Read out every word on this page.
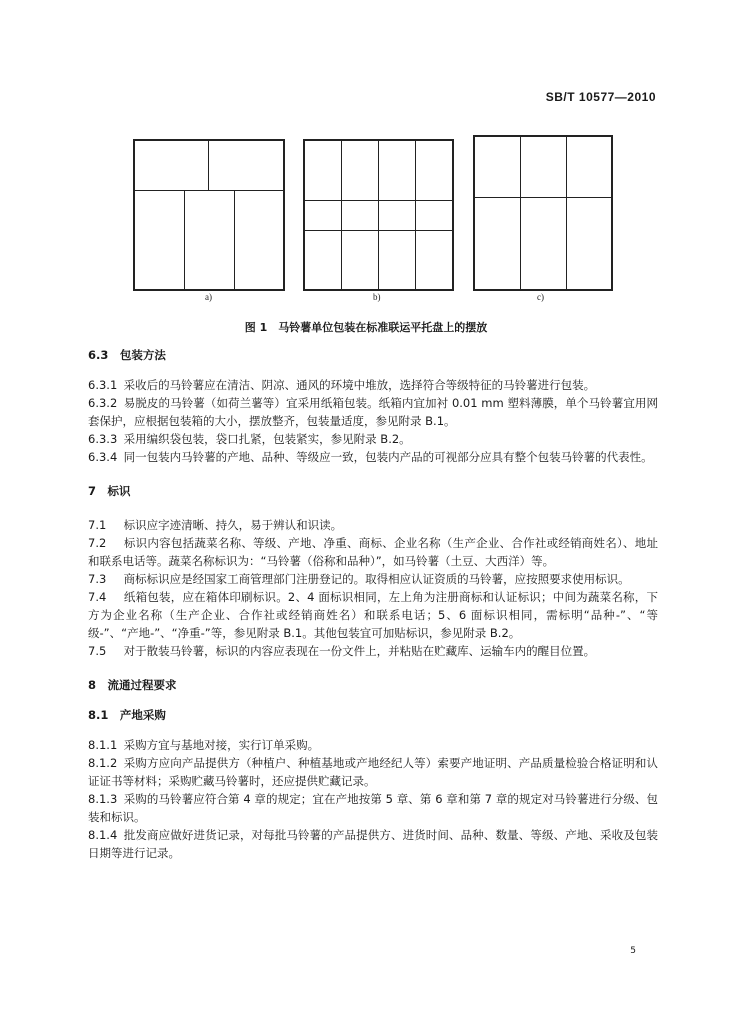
SB/T 10577—2010
a)	b)	c)
图 1　马铃薯单位包装在标准联运平托盘上的摆放

6.3　包装方法

6.3.1 采收后的马铃薯应在清洁、阴凉、通风的环境中堆放，选择符合等级特征的马铃薯进行包装。

6.3.2 易脱皮的马铃薯（如荷兰薯等）宜采用纸箱包装。纸箱内宜加衬 0.01 mm 塑料薄膜，单个马铃薯宜用网套保护，应根据包装箱的大小，摆放整齐，包装量适度，参见附录 B.1。

6.3.3 采用编织袋包装，袋口扎紧，包装紧实，参见附录 B.2。

6.3.4 同一包装内马铃薯的产地、品种、等级应一致，包装内产品的可视部分应具有整个包装马铃薯的代表性。

7　标识

7.1 标识应字迹清晰、持久，易于辨认和识读。

7.2 标识内容包括蔬菜名称、等级、产地、净重、商标、企业名称（生产企业、合作社或经销商姓名）、地址和联系电话等。蔬菜名称标识为：“马铃薯（俗称和品种）”，如马铃薯（土豆、大西洋）等。

7.3 商标标识应是经国家工商管理部门注册登记的。取得相应认证资质的马铃薯，应按照要求使用标识。

7.4 纸箱包装，应在箱体印刷标识。2、4 面标识相同，左上角为注册商标和认证标识；中间为蔬菜名称，下方为企业名称（生产企业、合作社或经销商姓名）和联系电话；5、6 面标识相同，需标明“品种-”、“等级-”、“产地-”、“净重-”等，参见附录 B.1。其他包装宜可加贴标识，参见附录 B.2。

7.5 对于散装马铃薯，标识的内容应表现在一份文件上，并粘贴在贮藏库、运输车内的醒目位置。

8　流通过程要求

8.1　产地采购

8.1.1 采购方宜与基地对接，实行订单采购。

8.1.2 采购方应向产品提供方（种植户、种植基地或产地经纪人等）索要产地证明、产品质量检验合格证明和认证证书等材料；采购贮藏马铃薯时，还应提供贮藏记录。

8.1.3 采购的马铃薯应符合第 4 章的规定；宜在产地按第 5 章、第 6 章和第 7 章的规定对马铃薯进行分级、包装和标识。

8.1.4 批发商应做好进货记录，对每批马铃薯的产品提供方、进货时间、品种、数量、等级、产地、采收及包装日期等进行记录。

5
